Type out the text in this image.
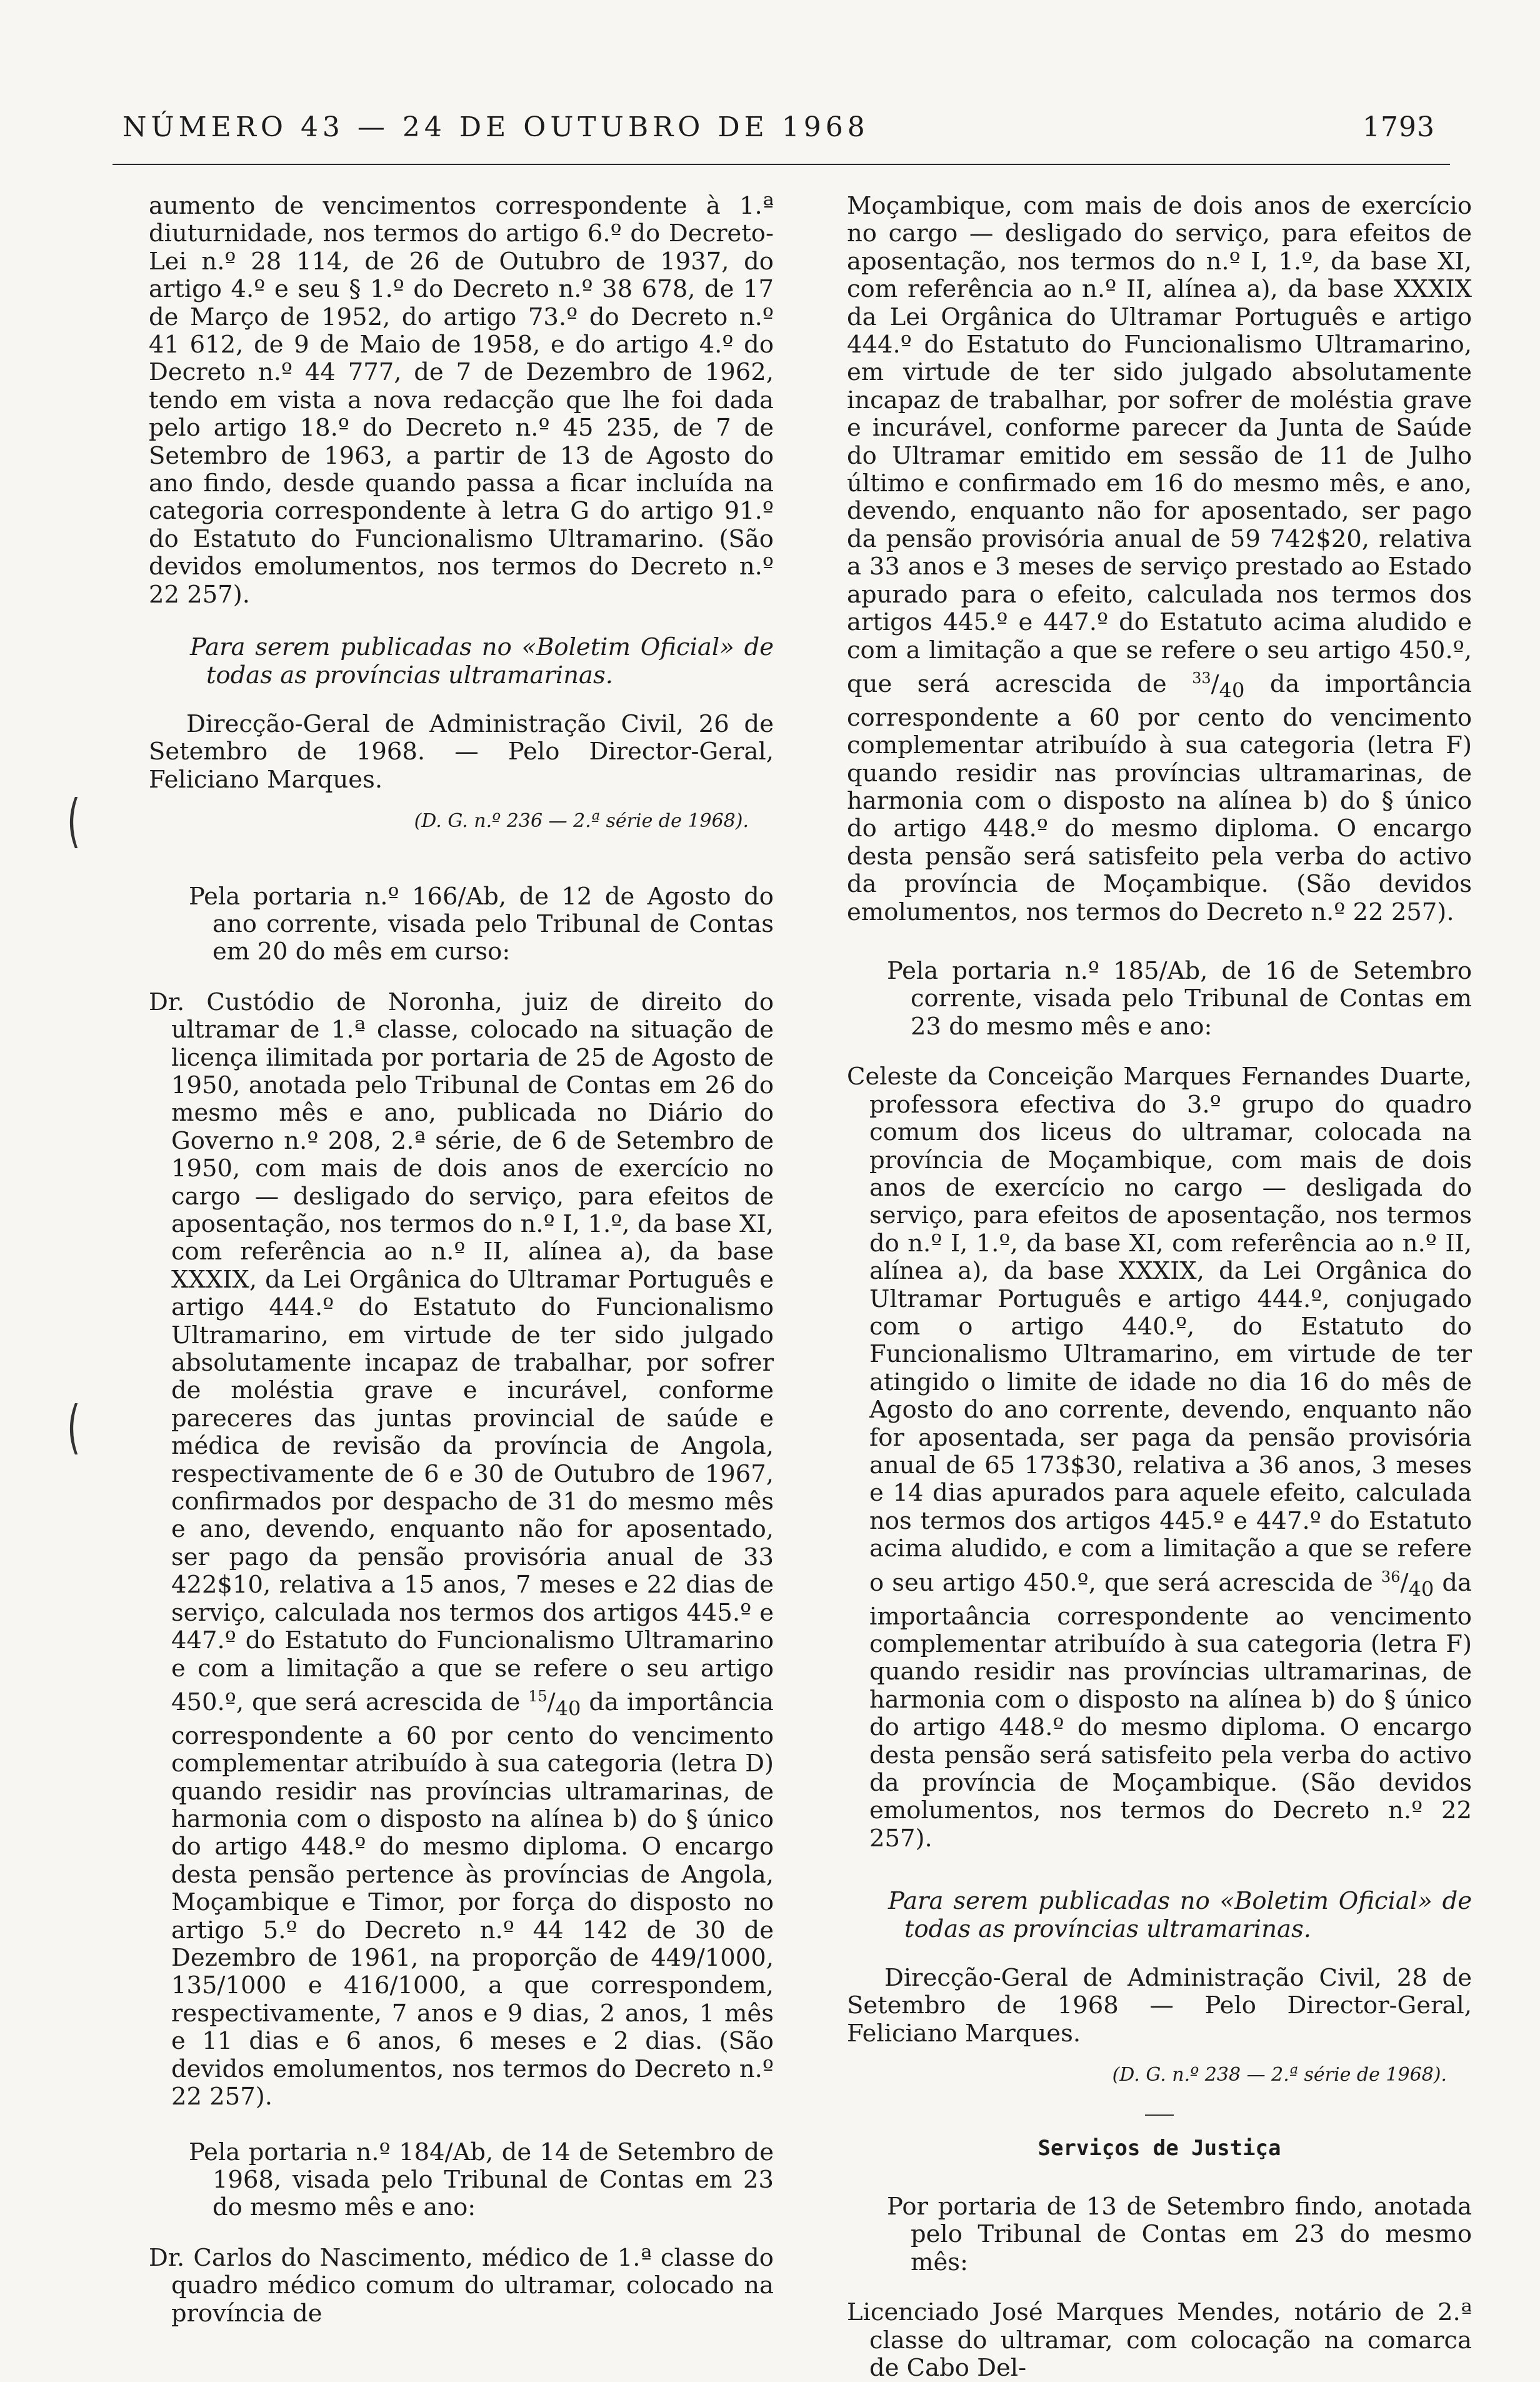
NÚMERO 43 — 24 DE OUTUBRO DE 1968	1793
(
(

aumento de vencimentos correspondente à 1.ª diuturnidade, nos termos do artigo 6.º do Decreto-Lei n.º 28 114, de 26 de Outubro de 1937, do artigo 4.º e seu § 1.º do Decreto n.º 38 678, de 17 de Março de 1952, do artigo 73.º do Decreto n.º 41 612, de 9 de Maio de 1958, e do artigo 4.º do Decreto n.º 44 777, de 7 de Dezembro de 1962, tendo em vista a nova redacção que lhe foi dada pelo artigo 18.º do Decreto n.º 45 235, de 7 de Setembro de 1963, a partir de 13 de Agosto do ano findo, desde quando passa a ficar incluída na categoria correspondente à letra G do artigo 91.º do Estatuto do Funcionalismo Ultramarino. (São devidos emolumentos, nos termos do Decreto n.º 22 257).

Para serem publicadas no «Boletim Oficial» de todas as províncias ultramarinas.

Direcção-Geral de Administração Civil, 26 de Setembro de 1968. — Pelo Director-Geral, Feliciano Marques.

(D. G. n.º 236 — 2.ª série de 1968).

Pela portaria n.º 166/Ab, de 12 de Agosto do ano corrente, visada pelo Tribunal de Contas em 20 do mês em curso:

Dr. Custódio de Noronha, juiz de direito do ultramar de 1.ª classe, colocado na situação de licença ilimitada por portaria de 25 de Agosto de 1950, anotada pelo Tribunal de Contas em 26 do mesmo mês e ano, publicada no Diário do Governo n.º 208, 2.ª série, de 6 de Setembro de 1950, com mais de dois anos de exercício no cargo — desligado do serviço, para efeitos de aposentação, nos termos do n.º I, 1.º, da base XI, com referência ao n.º II, alínea a), da base XXXIX, da Lei Orgânica do Ultramar Português e artigo 444.º do Estatuto do Funcionalismo Ultramarino, em virtude de ter sido julgado absolutamente incapaz de trabalhar, por sofrer de moléstia grave e incurável, conforme pareceres das juntas provincial de saúde e médica de revisão da província de Angola, respectivamente de 6 e 30 de Outubro de 1967, confirmados por despacho de 31 do mesmo mês e ano, devendo, enquanto não for aposentado, ser pago da pensão provisória anual de 33 422$10, relativa a 15 anos, 7 meses e 22 dias de serviço, calculada nos termos dos artigos 445.º e 447.º do Estatuto do Funcionalismo Ultramarino e com a limitação a que se refere o seu artigo 450.º, que será acrescida de $^{15}/_{40}$ da importância correspondente a 60 por cento do vencimento complementar atribuído à sua categoria (letra D) quando residir nas províncias ultramarinas, de harmonia com o disposto na alínea b) do § único do artigo 448.º do mesmo diploma. O encargo desta pensão pertence às províncias de Angola, Moçambique e Timor, por força do disposto no artigo 5.º do Decreto n.º 44 142 de 30 de Dezembro de 1961, na proporção de 449/1000, 135/1000 e 416/1000, a que correspondem, respectivamente, 7 anos e 9 dias, 2 anos, 1 mês e 11 dias e 6 anos, 6 meses e 2 dias. (São devidos emolumentos, nos termos do Decreto n.º 22 257).

Pela portaria n.º 184/Ab, de 14 de Setembro de 1968, visada pelo Tribunal de Contas em 23 do mesmo mês e ano:

Dr. Carlos do Nascimento, médico de 1.ª classe do quadro médico comum do ultramar, colocado na província de

Moçambique, com mais de dois anos de exercício no cargo — desligado do serviço, para efeitos de aposentação, nos termos do n.º I, 1.º, da base XI, com referência ao n.º II, alínea a), da base XXXIX da Lei Orgânica do Ultramar Português e artigo 444.º do Estatuto do Funcionalismo Ultramarino, em virtude de ter sido julgado absolutamente incapaz de trabalhar, por sofrer de moléstia grave e incurável, conforme parecer da Junta de Saúde do Ultramar emitido em sessão de 11 de Julho último e confirmado em 16 do mesmo mês, e ano, devendo, enquanto não for aposentado, ser pago da pensão provisória anual de 59 742$20, relativa a 33 anos e 3 meses de serviço prestado ao Estado apurado para o efeito, calculada nos termos dos artigos 445.º e 447.º do Estatuto acima aludido e com a limitação a que se refere o seu artigo 450.º, que será acrescida de $^{33}/_{40}$ da importância correspondente a 60 por cento do vencimento complementar atribuído à sua categoria (letra F) quando residir nas províncias ultramarinas, de harmonia com o disposto na alínea b) do § único do artigo 448.º do mesmo diploma. O encargo desta pensão será satisfeito pela verba do activo da província de Moçambique. (São devidos emolumentos, nos termos do Decreto n.º 22 257).

Pela portaria n.º 185/Ab, de 16 de Setembro corrente, visada pelo Tribunal de Contas em 23 do mesmo mês e ano:

Celeste da Conceição Marques Fernandes Duarte, professora efectiva do 3.º grupo do quadro comum dos liceus do ultramar, colocada na província de Moçambique, com mais de dois anos de exercício no cargo — desligada do serviço, para efeitos de aposentação, nos termos do n.º I, 1.º, da base XI, com referência ao n.º II, alínea a), da base XXXIX, da Lei Orgânica do Ultramar Português e artigo 444.º, conjugado com o artigo 440.º, do Estatuto do Funcionalismo Ultramarino, em virtude de ter atingido o limite de idade no dia 16 do mês de Agosto do ano corrente, devendo, enquanto não for aposentada, ser paga da pensão provisória anual de 65 173$30, relativa a 36 anos, 3 meses e 14 dias apurados para aquele efeito, calculada nos termos dos artigos 445.º e 447.º do Estatuto acima aludido, e com a limitação a que se refere o seu artigo 450.º, que será acrescida de $^{36}/_{40}$ da importaância correspondente ao vencimento complementar atribuído à sua categoria (letra F) quando residir nas províncias ultramarinas, de harmonia com o disposto na alínea b) do § único do artigo 448.º do mesmo diploma. O encargo desta pensão será satisfeito pela verba do activo da província de Moçambique. (São devidos emolumentos, nos termos do Decreto n.º 22 257).

Para serem publicadas no «Boletim Oficial» de todas as províncias ultramarinas.

Direcção-Geral de Administração Civil, 28 de Setembro de 1968 — Pelo Director-Geral, Feliciano Marques.

(D. G. n.º 238 — 2.ª série de 1968).

Serviços de Justiça

Por portaria de 13 de Setembro findo, anotada pelo Tribunal de Contas em 23 do mesmo mês:

Licenciado José Marques Mendes, notário de 2.ª classe do ultramar, com colocação na comarca de Cabo Del-
